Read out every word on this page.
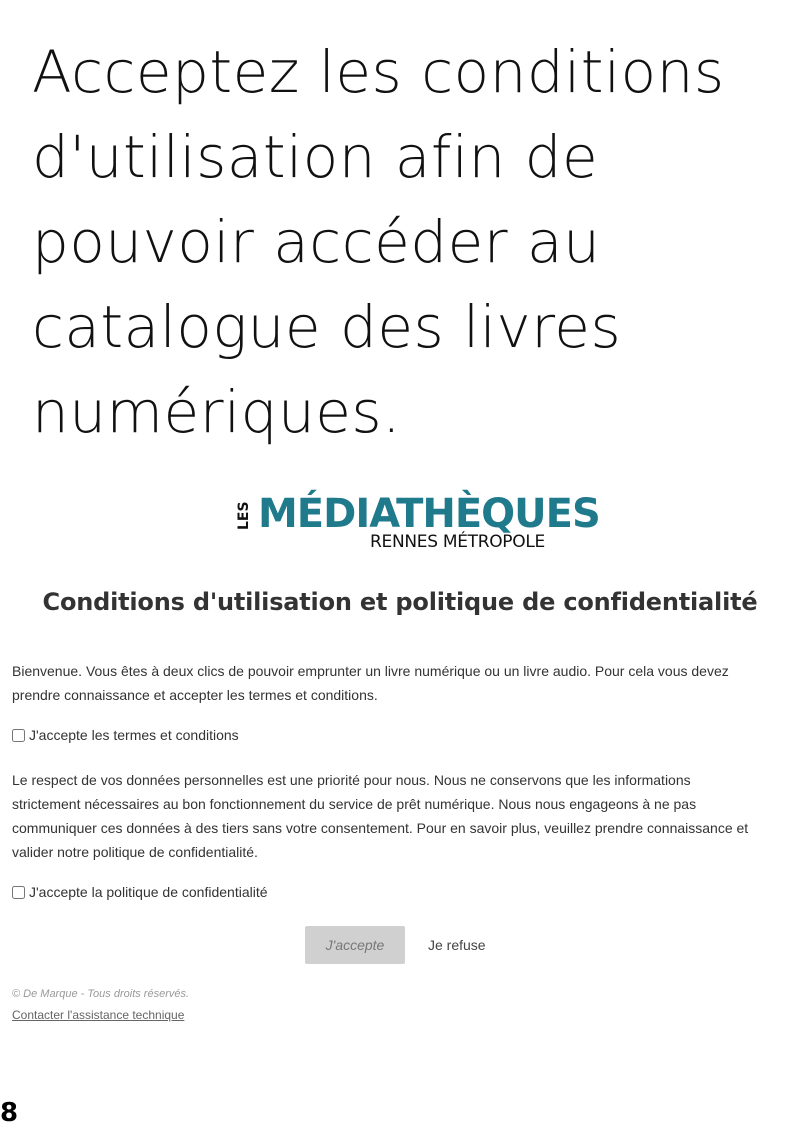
Acceptez les conditions
d'utilisation afin de
pouvoir accéder au
catalogue des livres
numériques.
LES MÉDIATHÈQUES
RENNES MÉTROPOLE
Conditions d'utilisation et politique de confidentialité

Bienvenue. Vous êtes à deux clics de pouvoir emprunter un livre numérique ou un livre audio. Pour cela vous devez
prendre connaissance et accepter les termes et conditions.

J'accepte les termes et conditions

Le respect de vos données personnelles est une priorité pour nous. Nous ne conservons que les informations
strictement nécessaires au bon fonctionnement du service de prêt numérique. Nous nous engageons à ne pas
communiquer ces données à des tiers sans votre consentement. Pour en savoir plus, veuillez prendre connaissance et
valider notre politique de confidentialité.

J'accepte la politique de confidentialité
J'accepte	Je refuse
© De Marque - Tous droits réservés.
Contacter l'assistance technique
8
